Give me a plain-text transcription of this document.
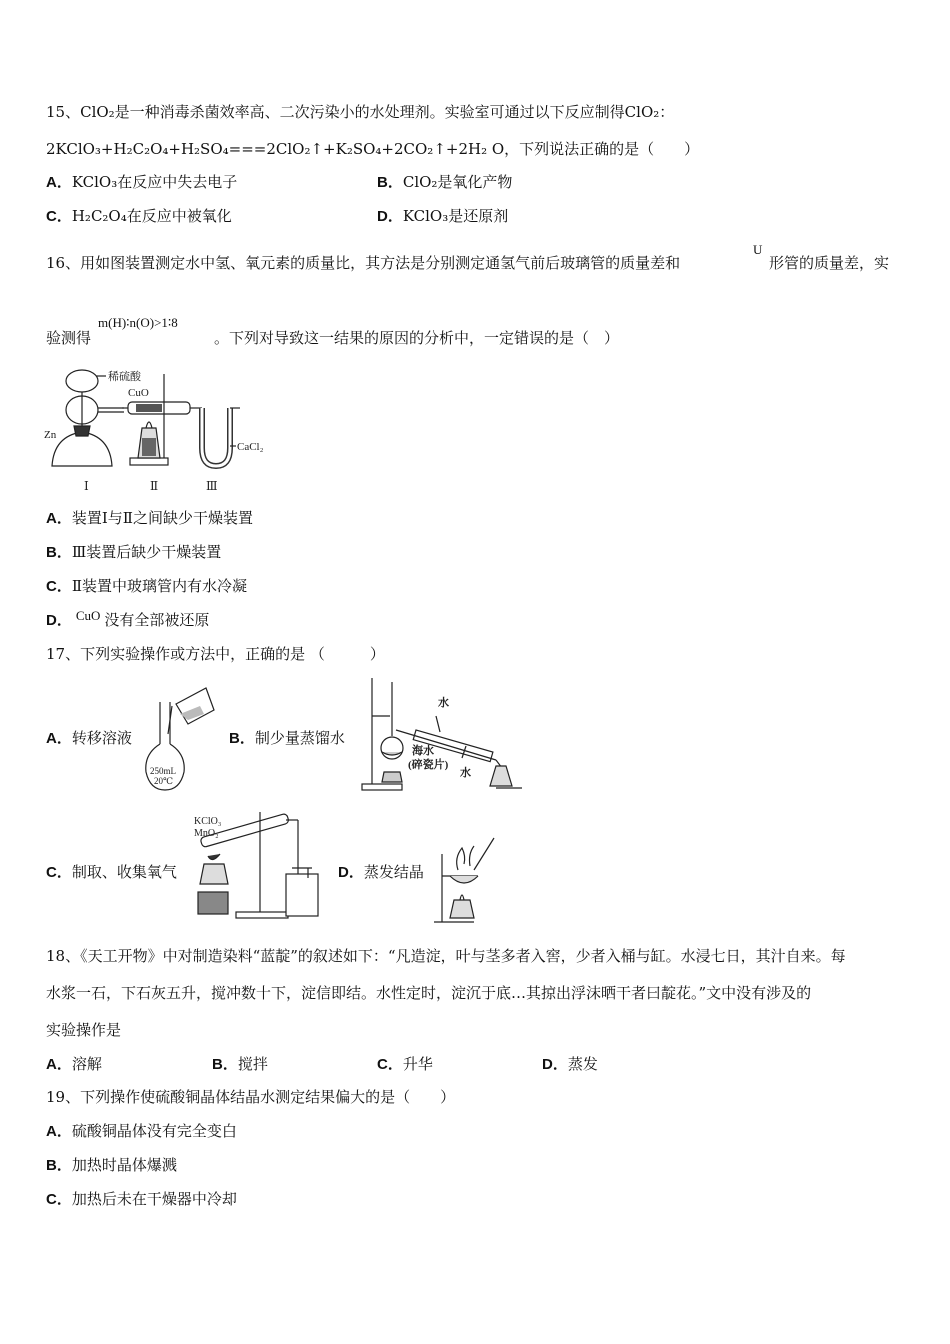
15、ClO₂是一种消毒杀菌效率高、二次污染小的水处理剂。实验室可通过以下反应制得ClO₂：
2KClO₃+H₂C₂O₄+H₂SO₄===2ClO₂↑+K₂SO₄+2CO₂↑+2H₂ O，下列说法正确的是（　　）
A．KClO₃在反应中失去电子	B．ClO₂是氧化产物
C．H₂C₂O₄在反应中被氧化	D．KClO₃是还原剂
16、用如图装置测定水中氢、氧元素的质量比，其方法是分别测定通氢气前后玻璃管的质量差和
U
形管的质量差，实
验测得
m(H)∶n(O)>1∶8
。下列对导致这一结果的原因的分析中，一定错误的是（　）
稀硫酸
CuO
Zn
CaCl₂
Ⅰ	Ⅱ	Ⅲ
A．装置Ⅰ与Ⅱ之间缺少干燥装置
B．Ⅲ装置后缺少干燥装置
C．Ⅱ装置中玻璃管内有水冷凝
D． CuO 没有全部被还原
17、下列实验操作或方法中，正确的是 （　　　）
A．转移溶液
250mL
20℃
B．制少量蒸馏水
水
海水
(碎瓷片)
水
C．制取、收集氧气
KClO₃
MnO₂
D．蒸发结晶
18、《天工开物》中对制造染料“蓝靛”的叙述如下：“凡造淀，叶与茎多者入窖，少者入桶与缸。水浸七日，其汁自来。每
水浆一石，下石灰五升，搅冲数十下，淀信即结。水性定时，淀沉于底…其掠出浮沫晒干者曰靛花。”文中没有涉及的
实验操作是
A．溶解	B．搅拌	C．升华	D．蒸发
19、下列操作使硫酸铜晶体结晶水测定结果偏大的是（　　）
A．硫酸铜晶体没有完全变白
B．加热时晶体爆溅
C．加热后未在干燥器中冷却
